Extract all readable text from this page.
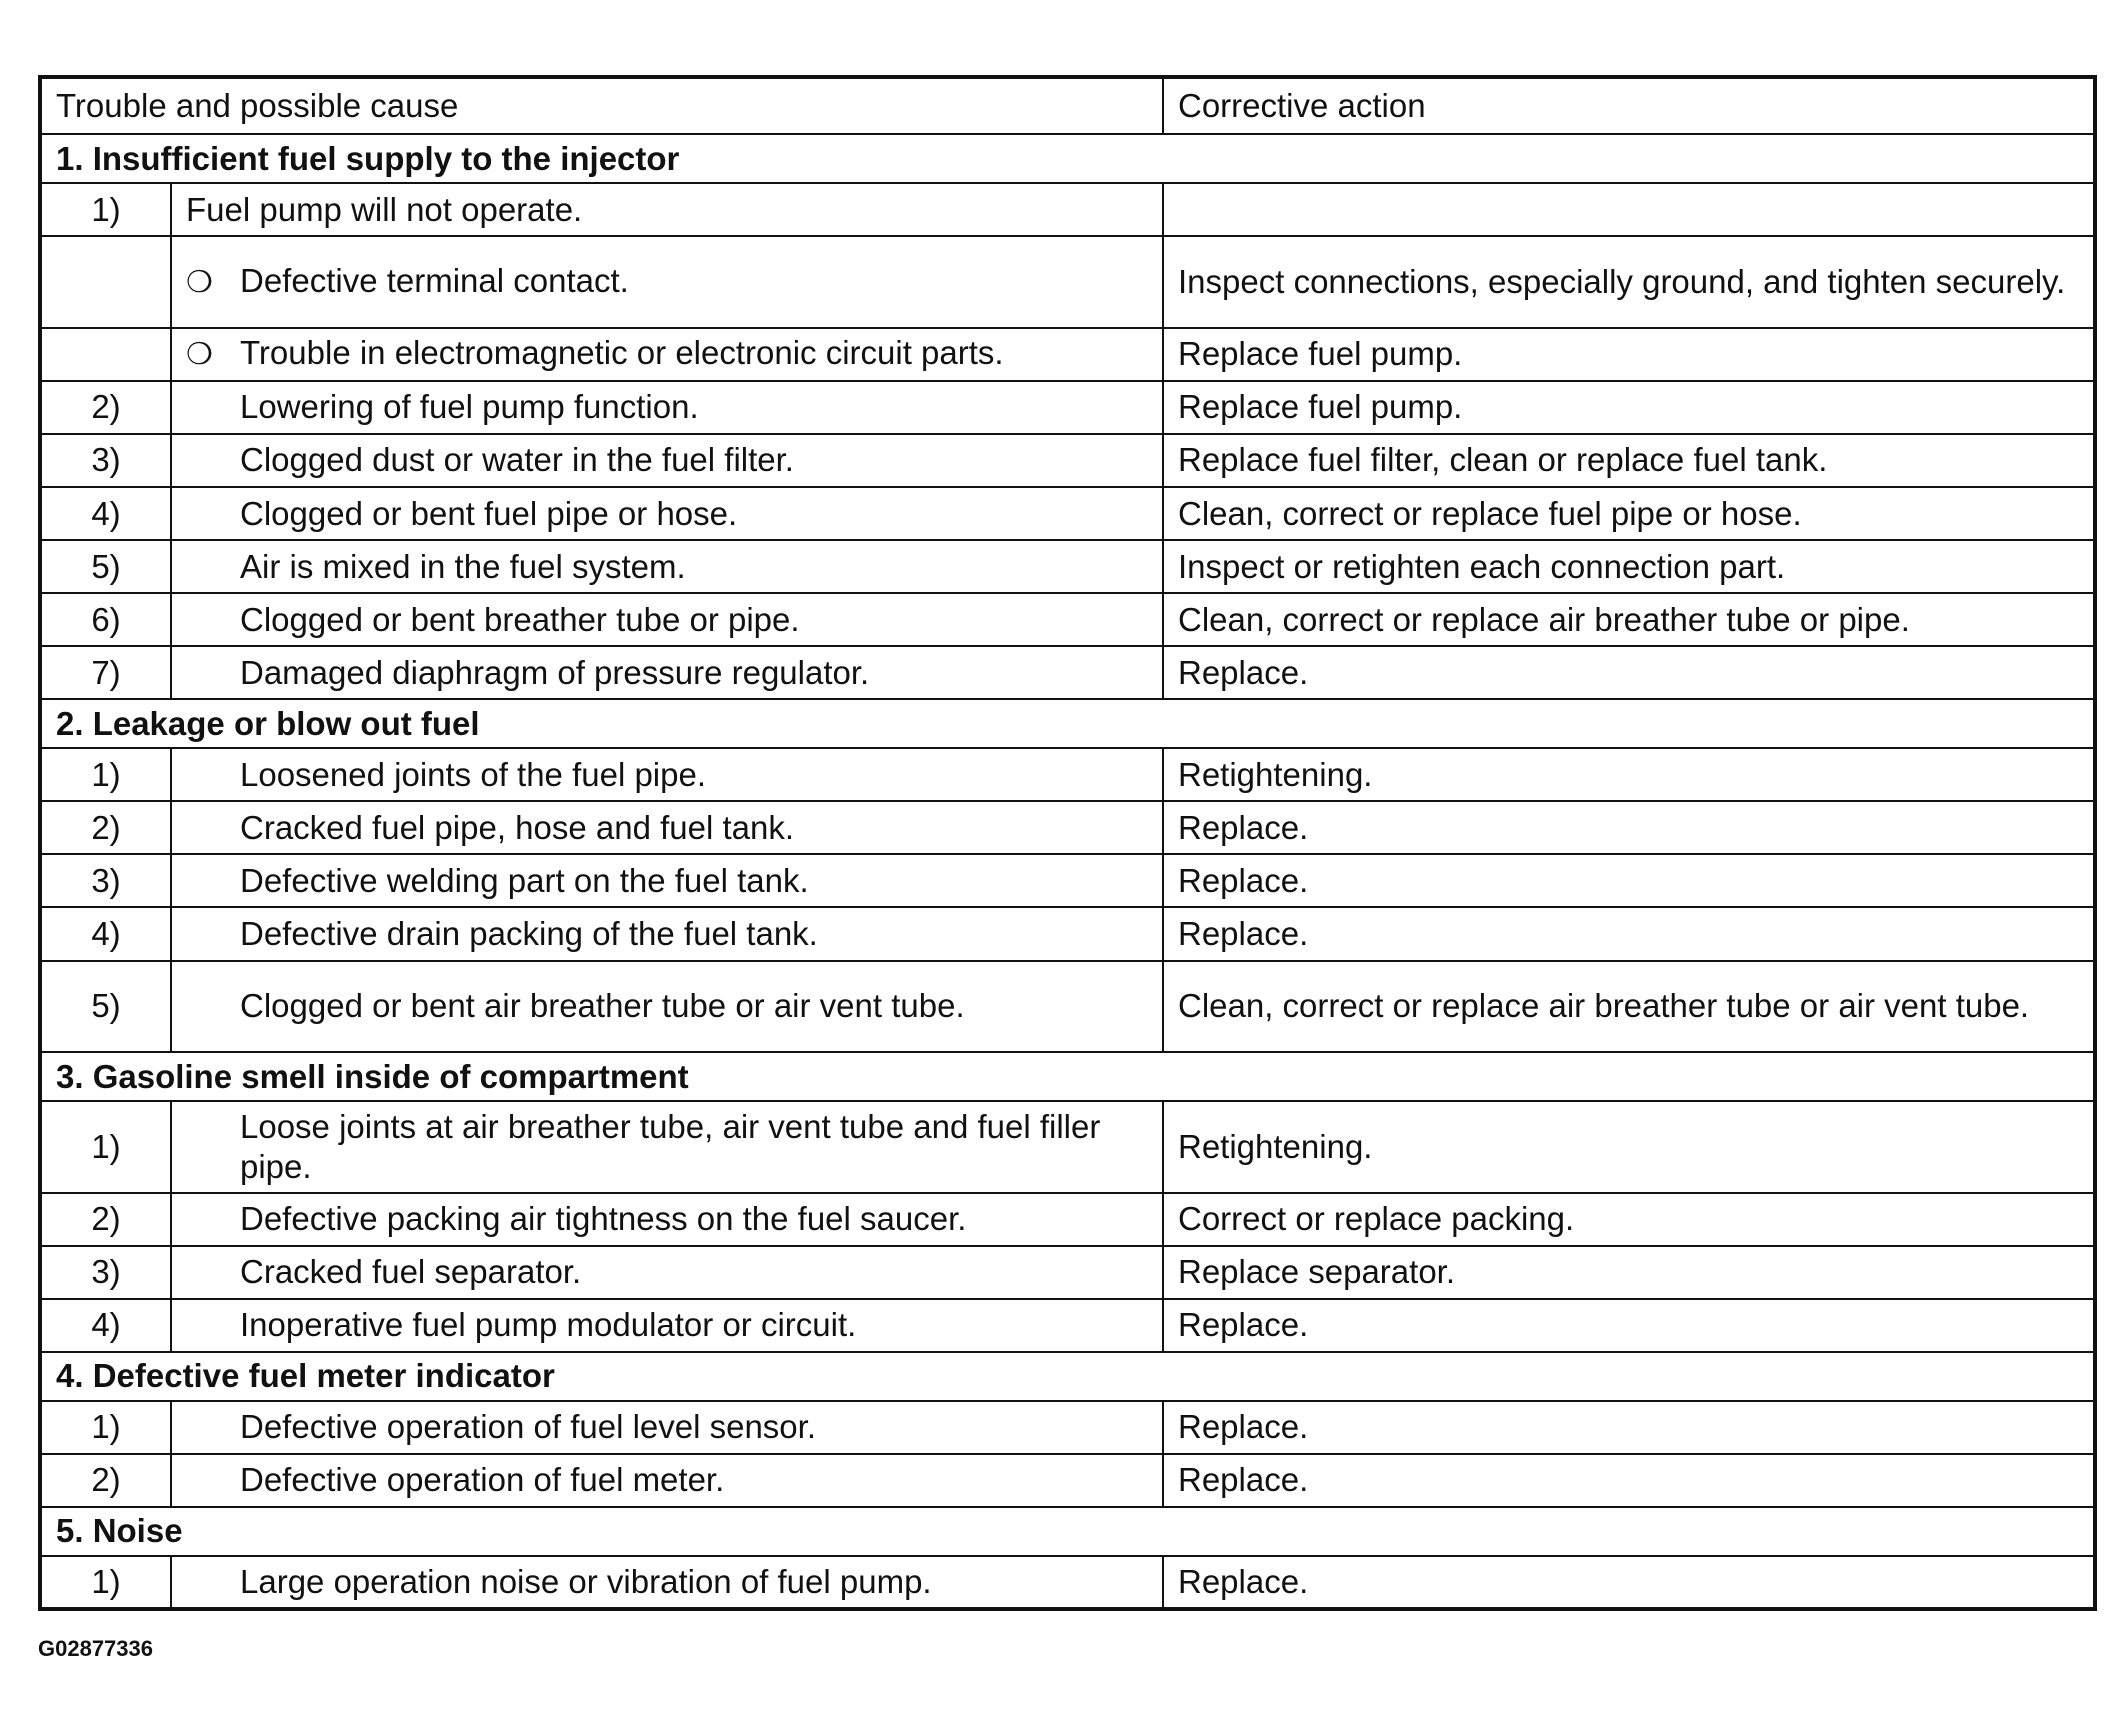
Trouble and possible cause		Corrective action
1. Insufficient fuel supply to the injector		
1)	Fuel pump will not operate.	

	❍ Defective terminal contact.	Inspect connections, especially ground, and tighten securely.

	❍ Trouble in electromagnetic or electronic circuit parts.	Replace fuel pump.

2)	Lowering of fuel pump function.	Replace fuel pump.

3)	Clogged dust or water in the fuel filter.	Replace fuel filter, clean or replace fuel tank.

4)	Clogged or bent fuel pipe or hose.	Clean, correct or replace fuel pipe or hose.

5)	Air is mixed in the fuel system.	Inspect or retighten each connection part.

6)	Clogged or bent breather tube or pipe.	Clean, correct or replace air breather tube or pipe.

7)	Damaged diaphragm of pressure regulator.	Replace.

2. Leakage or blow out fuel		
1)	Loosened joints of the fuel pipe.	Retightening.

2)	Cracked fuel pipe, hose and fuel tank.	Replace.

3)	Defective welding part on the fuel tank.	Replace.

4)	Defective drain packing of the fuel tank.	Replace.

5)	Clogged or bent air breather tube or air vent tube.	Clean, correct or replace air breather tube or air vent tube.

3. Gasoline smell inside of compartment		
1)	Loose joints at air breather tube, air vent tube and fuel filler pipe.	Retightening.

2)	Defective packing air tightness on the fuel saucer.	Correct or replace packing.

3)	Cracked fuel separator.	Replace separator.

4)	Inoperative fuel pump modulator or circuit.	Replace.

4. Defective fuel meter indicator		
1)	Defective operation of fuel level sensor.	Replace.

2)	Defective operation of fuel meter.	Replace.

5. Noise		
1)	Large operation noise or vibration of fuel pump.	Replace.
G02877336
